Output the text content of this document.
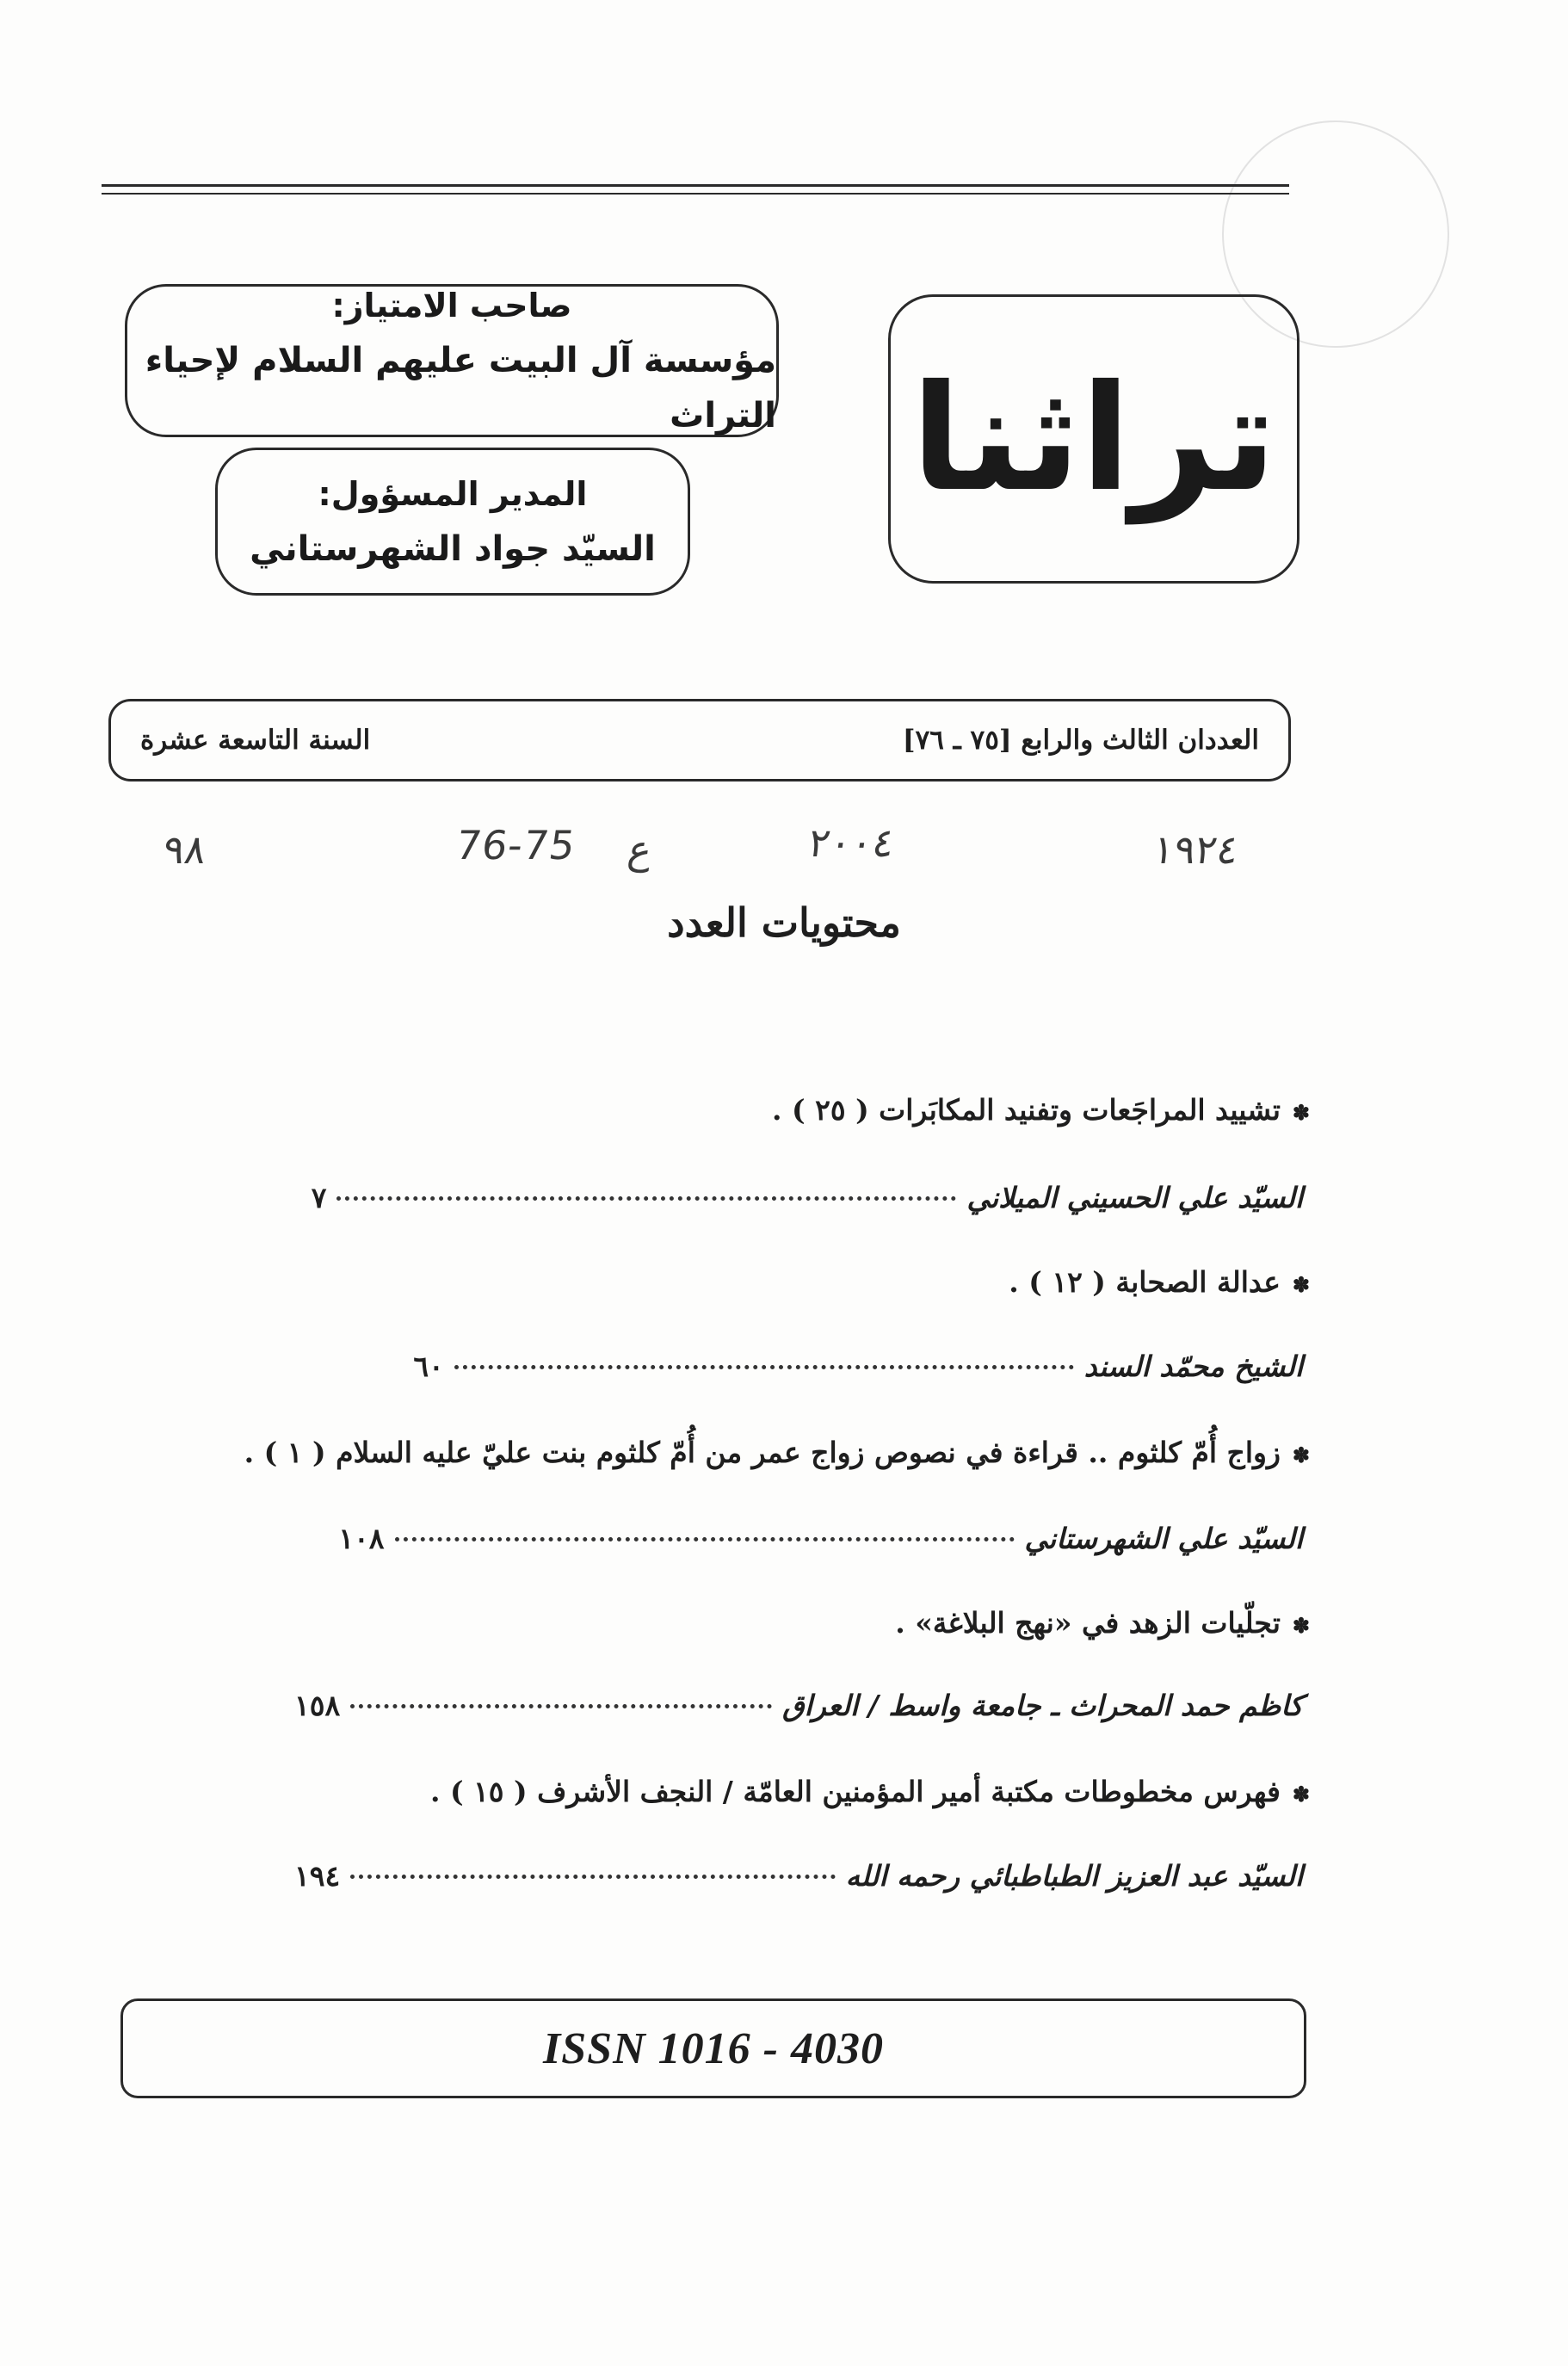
تراثنا
صاحب الامتياز:
مؤسسة آل البيت عليهم السلام لإحياء التراث
المدير المسؤول:
السيّد جواد الشهرستاني
العددان الثالث والرابع [٧٥ ـ ٧٦]
السنة التاسعة عشرة
١٩٢٤
٢٠٠٤
ع
76-75
٩٨
محتويات العدد
✽تشييد المراجَعات وتفنيد المكابَرات ( ٢٥ ) .
السيّد علي الحسيني الميلاني
٧
✽عدالة الصحابة ( ١٢ ) .
الشيخ محمّد السند
٦٠
✽زواج أُمّ كلثوم .. قراءة في نصوص زواج عمر من أُمّ كلثوم بنت عليّ عليه السلام ( ١ ) .
السيّد علي الشهرستاني
١٠٨
✽تجلّيات الزهد في «نهج البلاغة» .
كاظم حمد المحراث ـ جامعة واسط / العراق
١٥٨
✽فهرس مخطوطات مكتبة أمير المؤمنين العامّة / النجف الأشرف ( ١٥ ) .
السيّد عبد العزيز الطباطبائي رحمه الله
١٩٤
ISSN 1016 - 4030
